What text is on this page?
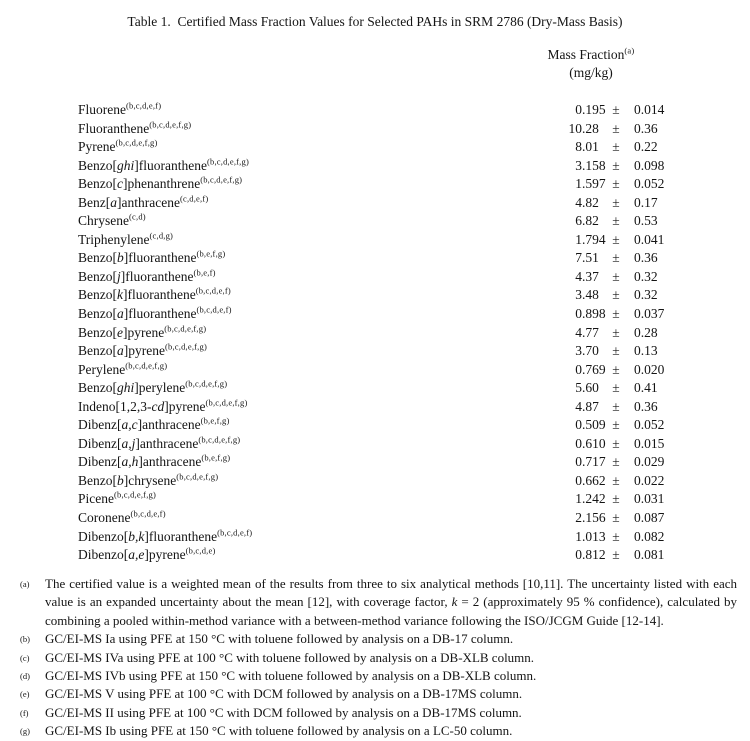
Table 1.  Certified Mass Fraction Values for Selected PAHs in SRM 2786 (Dry-Mass Basis)
Mass Fraction$^{(a)}$
(mg/kg)
Fluorene$^{(b,c,d,e,f)}$	0 .195 ±	0.014
Fluoranthene$^{(b,c,d,e,f,g)}$	10 .28 ±	0.36
Pyrene$^{(b,c,d,e,f,g)}$	8 .01 ±	0.22
Benzo[ghi]fluoranthene$^{(b,c,d,e,f,g)}$	3 .158 ±	0.098
Benzo[c]phenanthrene$^{(b,c,d,e,f,g)}$	1 .597 ±	0.052
Benz[a]anthracene$^{(c,d,e,f)}$	4 .82 ±	0.17
Chrysene$^{(c,d)}$	6 .82 ±	0.53
Triphenylene$^{(c,d,g)}$	1 .794 ±	0.041
Benzo[b]fluoranthene$^{(b,e,f,g)}$	7 .51 ±	0.36
Benzo[j]fluoranthene$^{(b,e,f)}$	4 .37 ±	0.32
Benzo[k]fluoranthene$^{(b,c,d,e,f)}$	3 .48 ±	0.32
Benzo[a]fluoranthene$^{(b,c,d,e,f)}$	0 .898 ±	0.037
Benzo[e]pyrene$^{(b,c,d,e,f,g)}$	4 .77 ±	0.28
Benzo[a]pyrene$^{(b,c,d,e,f,g)}$	3 .70 ±	0.13
Perylene$^{(b,c,d,e,f,g)}$	0 .769 ±	0.020
Benzo[ghi]perylene$^{(b,c,d,e,f,g)}$	5 .60 ±	0.41
Indeno[1,2,3-cd]pyrene$^{(b,c,d,e,f,g)}$	4 .87 ±	0.36
Dibenz[a,c]anthracene$^{(b,e,f,g)}$	0 .509 ±	0.052
Dibenz[a,j]anthracene$^{(b,c,d,e,f,g)}$	0 .610 ±	0.015
Dibenz[a,h]anthracene$^{(b,e,f,g)}$	0 .717 ±	0.029
Benzo[b]chrysene$^{(b,c,d,e,f,g)}$	0 .662 ±	0.022
Picene$^{(b,c,d,e,f,g)}$	1 .242 ±	0.031
Coronene$^{(b,c,d,e,f)}$	2 .156 ±	0.087
Dibenzo[b,k]fluoranthene$^{(b,c,d,e,f)}$	1 .013 ±	0.082
Dibenzo[a,e]pyrene$^{(b,c,d,e)}$	0 .812 ±	0.081
(a) The certified value is a weighted mean of the results from three to six analytical methods [10,11]. The uncertainty listed with each value is an expanded uncertainty about the mean [12], with coverage factor, k = 2 (approximately 95 % confidence), calculated by combining a pooled within-method variance with a between-method variance following the ISO/JCGM Guide [12-14].
(b) GC/EI-MS Ia using PFE at 150 °C with toluene followed by analysis on a DB-17 column.
(c) GC/EI-MS IVa using PFE at 100 °C with toluene followed by analysis on a DB-XLB column.
(d) GC/EI-MS IVb using PFE at 150 °C with toluene followed by analysis on a DB-XLB column.
(e) GC/EI-MS V using PFE at 100 °C with DCM followed by analysis on a DB-17MS column.
(f) GC/EI-MS II using PFE at 100 °C with DCM followed by analysis on a DB-17MS column.
(g) GC/EI-MS Ib using PFE at 150 °C with toluene followed by analysis on a LC-50 column.
